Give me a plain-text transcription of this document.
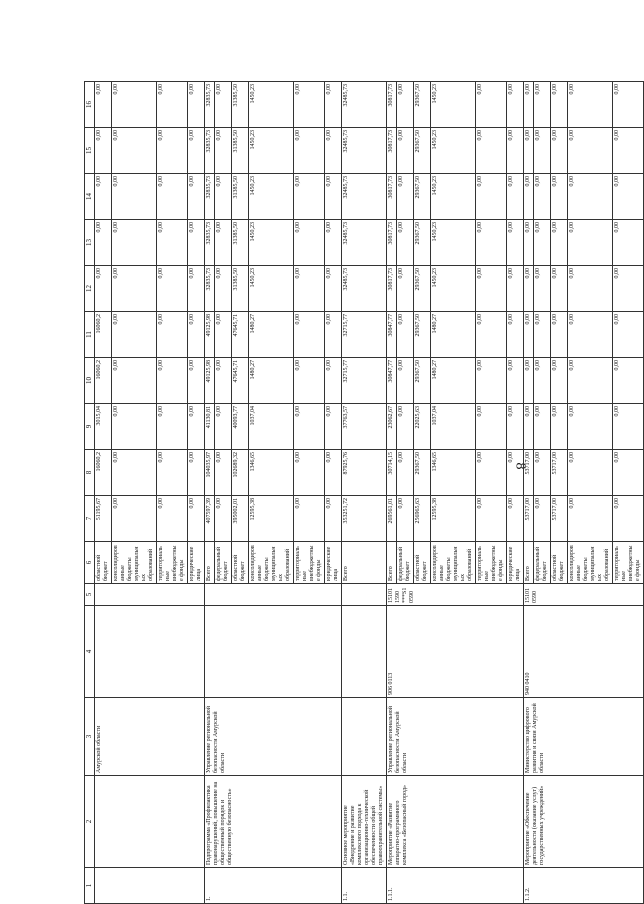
8
1	2	3	4	5	6	7	8	9	10	11	12	13	14	15	16
		Амурской области			областной бюджет	51195,67	16060,2	3015,04	16060,2	16060,2	0,00	0,00	0,00	0,00	0,00
					консолидированные бюджеты муниципальных образований	0,00	0,00	0,00	0,00	0,00	0,00	0,00	0,00	0,00	0,00
					территориальные внебюджетные фонды	0,00	0,00	0,00	0,00	0,00	0,00	0,00	0,00	0,00	0,00
					юридические лица	0,00	0,00	0,00	0,00	0,00	0,00	0,00	0,00	0,00	0,00
1.	Подпрограмма «Профилактика правонарушений, повышение на общественный порядок и общественную безопасность»	Управление региональной безопасности Амурской области			Всего	407597,39	104035,97	41130,81	49125,98	49125,98	32835,73	32835,73	32835,73	32835,73	32835,73
					федеральный бюджет	0,00	0,00	0,00	0,00	0,00	0,00	0,00	0,00	0,00	0,00
					областной бюджет	395002,01	102689,32	40093,77	47645,71	47645,71	31385,50	31385,50	31385,50	31385,50	31385,50
					консолидированные бюджеты муниципальных образований	12595,38	1346,65	1037,04	1480,27	1480,27	1450,23	1450,23	1450,23	1450,23	1450,23
					территориальные внебюджетные фонды	0,00	0,00	0,00	0,00	0,00	0,00	0,00	0,00	0,00	0,00
					юридические лица	0,00	0,00	0,00	0,00	0,00	0,00	0,00	0,00	0,00	0,00
1.1.	Основное мероприятие «Внедрение и развитие комплексного подхода к организационно-технической обеспеченности общей правоохранительной системы»				Всего	353251,72	87925,76	37763,57	32715,77	32715,77	32485,73	32485,73	32485,73	32485,73	32485,73
1.1.1.	Мероприятие «Развитие аппаратно-программного комплекса «Безопасный город»	Управление региональной безопасности Амурской области	906 0113	151011590 ***S10590	Всего	269561,01	30714,15	23062,67	30847,77	30847,77	30817,73	30817,73	30817,73	30817,73	30817,73
					федеральный бюджет	0,00	0,00	0,00	0,00	0,00	0,00	0,00	0,00	0,00	0,00
					областной бюджет	256965,63	29367,50	22025,63	29367,50	29367,50	29367,50	29367,50	29367,50	29367,50	29367,50
					консолидированные бюджеты муниципальных образований	12595,38	1346,65	1037,04	1480,27	1480,27	1450,23	1450,23	1450,23	1450,23	1450,23
					территориальные внебюджетные фонды	0,00	0,00	0,00	0,00	0,00	0,00	0,00	0,00	0,00	0,00
					юридические лица	0,00	0,00	0,00	0,00	0,00	0,00	0,00	0,00	0,00	0,00
1.1.2.	Мероприятие «Обеспечение деятельности (оказание услуг) государственных учреждений»	Министерство цифрового развития и связи Амурской области	940 0410	151010590	Всего	53717,00	53717,00	0,00	0,00	0,00	0,00	0,00	0,00	0,00	0,00
					федеральный бюджет	0,00	0,00	0,00	0,00	0,00	0,00	0,00	0,00	0,00	0,00
					областной бюджет	53717,00	53717,00	0,00	0,00	0,00	0,00	0,00	0,00	0,00	0,00
					консолидированные бюджеты муниципальных образований	0,00	0,00	0,00	0,00	0,00	0,00	0,00	0,00	0,00	0,00
					территориальные внебюджетные фонды	0,00	0,00	0,00	0,00	0,00	0,00	0,00	0,00	0,00	0,00
